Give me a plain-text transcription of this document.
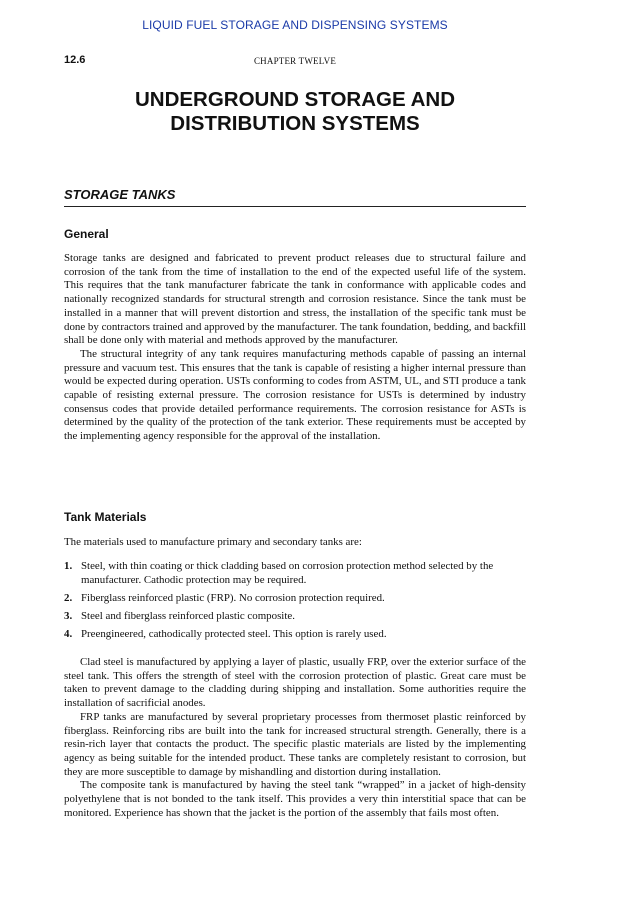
LIQUID FUEL STORAGE AND DISPENSING SYSTEMS
12.6	CHAPTER TWELVE
UNDERGROUND STORAGE AND
DISTRIBUTION SYSTEMS
STORAGE TANKS
General

Storage tanks are designed and fabricated to prevent product releases due to structural failure and corrosion of the tank from the time of installation to the end of the expected useful life of the system. This requires that the tank manufacturer fabricate the tank in conformance with applicable codes and nationally recognized standards for structural strength and corrosion resistance. Since the tank must be installed in a manner that will prevent distortion and stress, the installation of the specific tank must be done by contractors trained and approved by the manufacturer. The tank foundation, bedding, and backfill shall be done only with material and methods approved by the manufacturer.

The structural integrity of any tank requires manufacturing methods capable of passing an internal pressure and vacuum test. This ensures that the tank is capable of resisting a higher internal pressure than would be expected during operation. USTs conforming to codes from ASTM, UL, and STI produce a tank capable of resisting external pressure. The corrosion resistance for USTs is determined by industry consensus codes that provide detailed performance requirements. The corrosion resistance for ASTs is determined by the quality of the protection of the tank exterior. These requirements must be accepted by the implementing agency responsible for the approval of the installation.

Tank Materials

The materials used to manufacture primary and secondary tanks are:

1. Steel, with thin coating or thick cladding based on corrosion protection method selected by the manufacturer. Cathodic protection may be required.
2. Fiberglass reinforced plastic (FRP). No corrosion protection required.
3. Steel and fiberglass reinforced plastic composite.
4. Preengineered, cathodically protected steel. This option is rarely used.

Clad steel is manufactured by applying a layer of plastic, usually FRP, over the exterior surface of the steel tank. This offers the strength of steel with the corrosion protection of plastic. Great care must be taken to prevent damage to the cladding during shipping and installation. Some authorities require the installation of sacrificial anodes.

FRP tanks are manufactured by several proprietary processes from thermoset plastic reinforced by fiberglass. Reinforcing ribs are built into the tank for increased structural strength. Generally, there is a resin-rich layer that contacts the product. The specific plastic materials are listed by the implementing agency as being suitable for the intended product. These tanks are completely resistant to corrosion, but they are more susceptible to damage by mishandling and distortion during installation.

The composite tank is manufactured by having the steel tank “wrapped” in a jacket of high-density polyethylene that is not bonded to the tank itself. This provides a very thin interstitial space that can be monitored. Experience has shown that the jacket is the portion of the assembly that fails most often.
